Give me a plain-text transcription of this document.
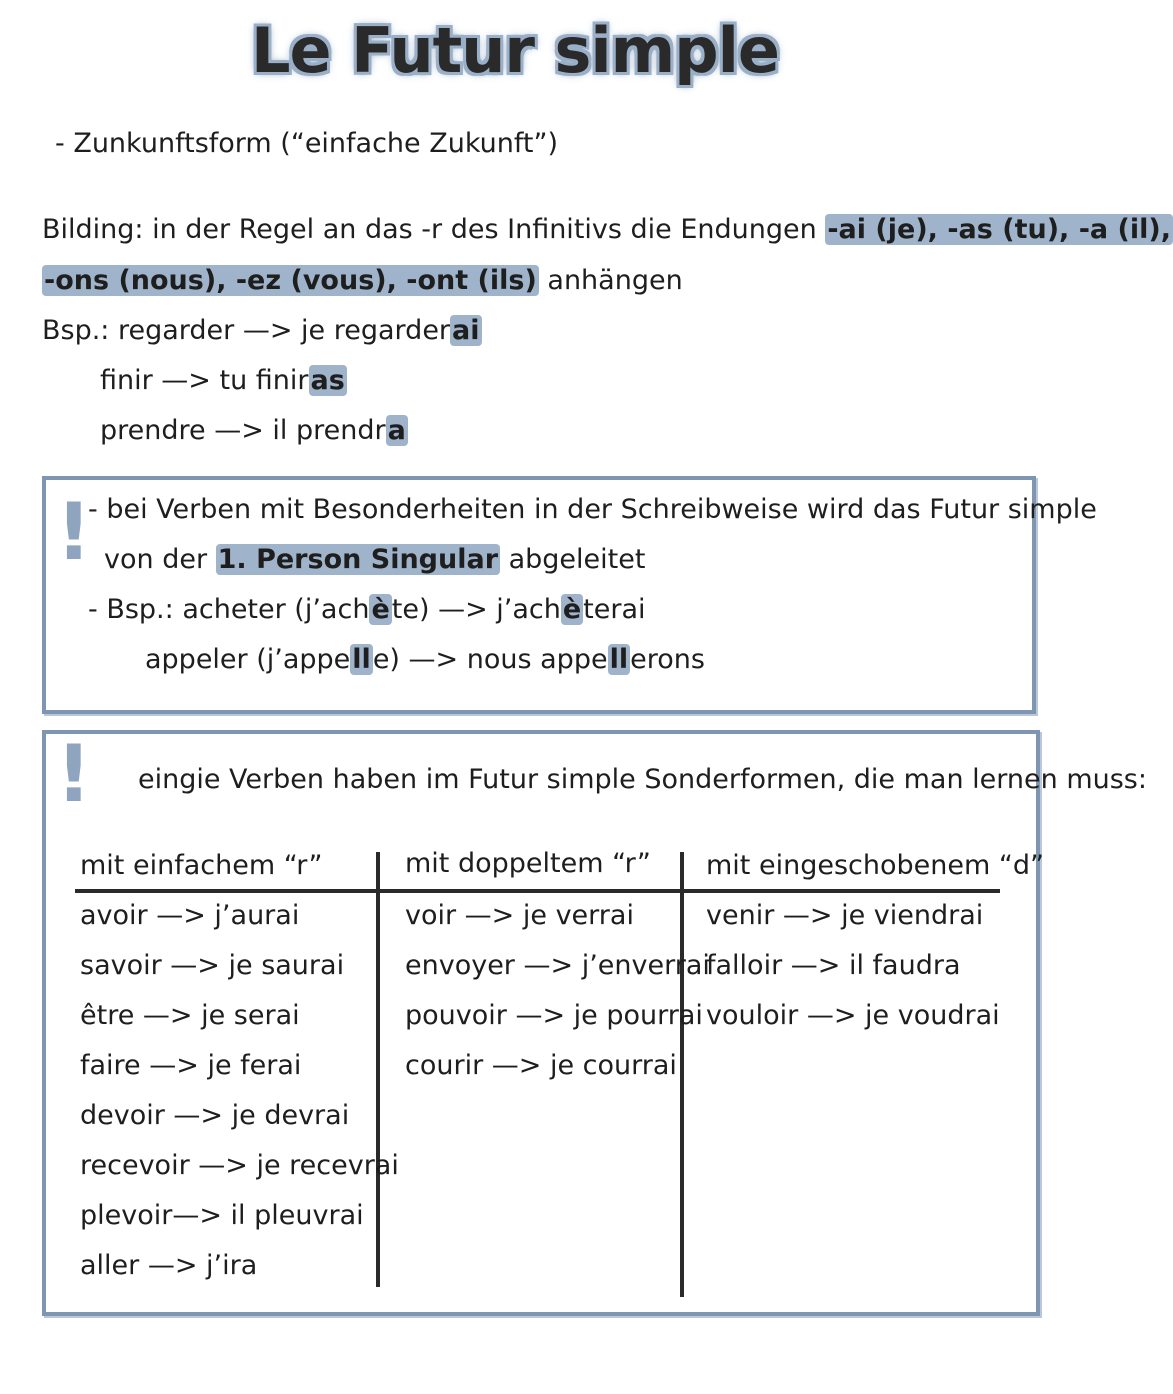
Le Futur simple
- Zunkunftsform (“einfache Zukunft”)
Bilding: in der Regel an das -r des Infinitivs die Endungen -ai (je), -as (tu), -a (il),
-ons (nous), -ez (vous), -ont (ils) anhängen
Bsp.: regarder —> je regarderai
finir —> tu finiras
prendre —> il prendra
!
- bei Verben mit Besonderheiten in der Schreibweise wird das Futur simple
von der 1. Person Singular abgeleitet
- Bsp.: acheter (j’achète) —> j’achèterai
appeler (j’appelle) —> nous appellerons
! eingie Verben haben im Futur simple Sonderformen, die man lernen muss:
mit einfachem “r”	mit doppeltem “r” mit eingeschobenem “d”
avoir —> j’aurai
savoir —> je saurai
être —> je serai
faire —> je ferai
devoir —> je devrai
recevoir —> je recevrai
plevoir—> il pleuvrai
aller —> j’ira
voir —> je verrai
envoyer —> j’enverrai
pouvoir —> je pourrai
courir —> je courrai
venir —> je viendrai
falloir —> il faudra
vouloir —> je voudrai
